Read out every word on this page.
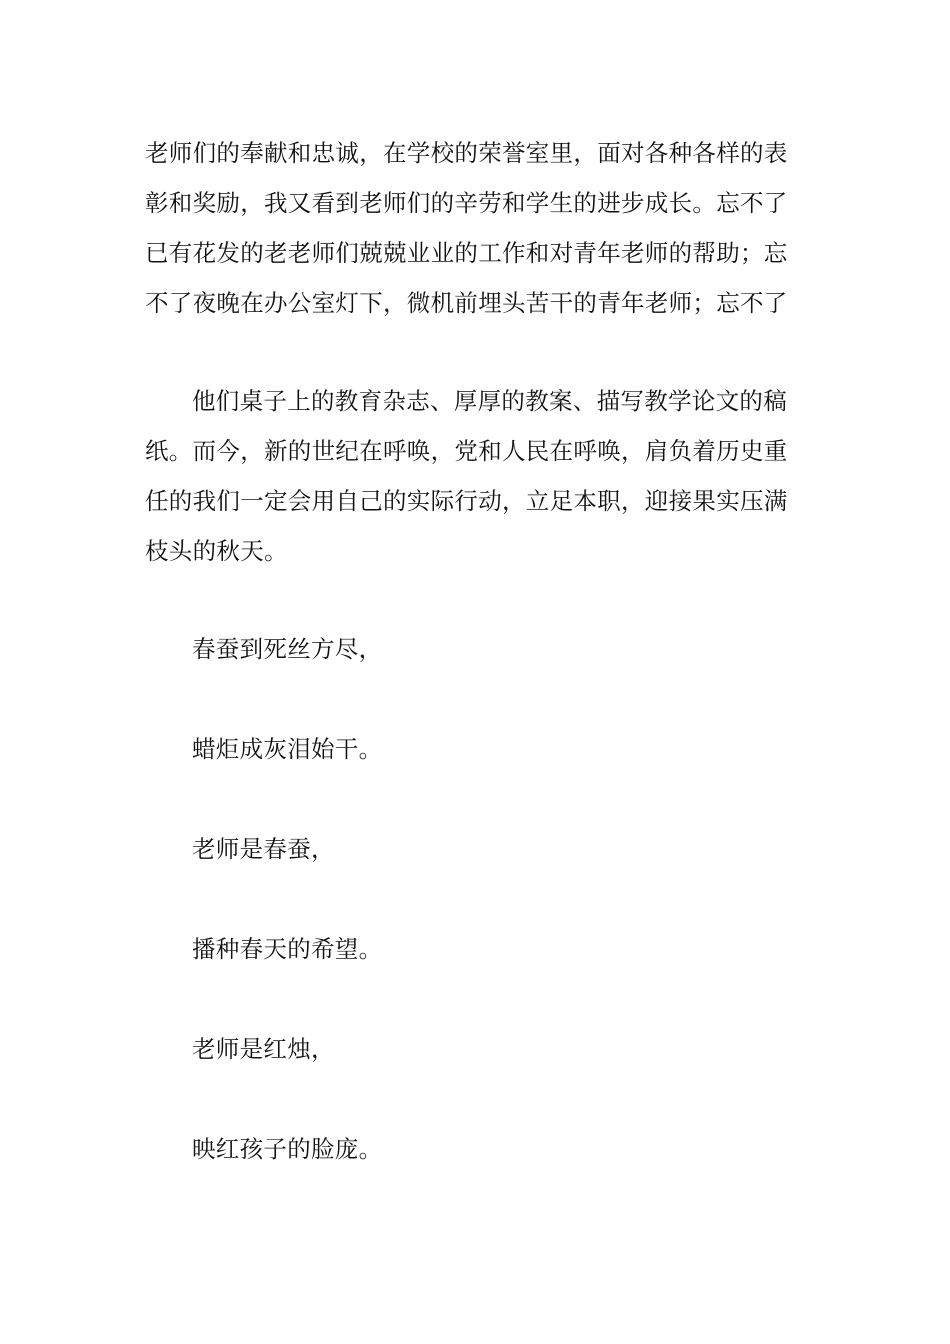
老师们的奉献和忠诚，在学校的荣誉室里，面对各种各样的表
彰和奖励，我又看到老师们的辛劳和学生的进步成长。忘不了
已有花发的老老师们兢兢业业的工作和对青年老师的帮助；忘
不了夜晚在办公室灯下，微机前埋头苦干的青年老师；忘不了

他们桌子上的教育杂志、厚厚的教案、描写教学论文的稿
纸。而今，新的世纪在呼唤，党和人民在呼唤，肩负着历史重
任的我们一定会用自己的实际行动，立足本职，迎接果实压满
枝头的秋天。

春蚕到死丝方尽，

蜡炬成灰泪始干。

老师是春蚕，

播种春天的希望。

老师是红烛，

映红孩子的脸庞。
